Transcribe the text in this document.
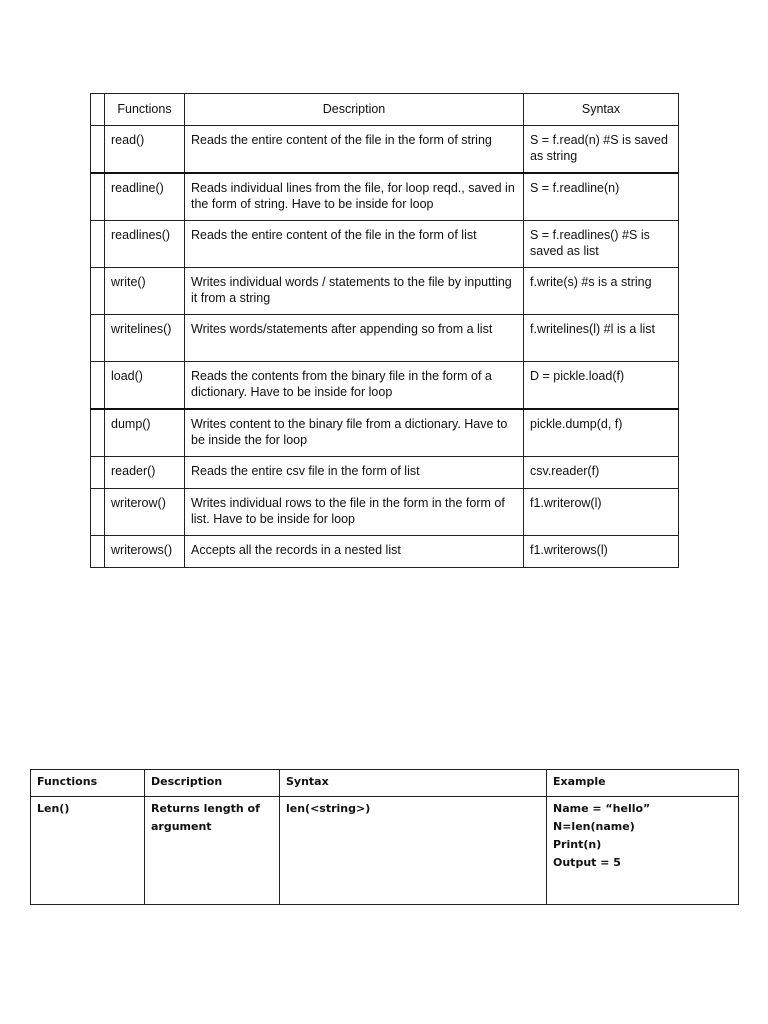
	Functions	Description	Syntax
	read()	Reads the entire content of the file in the form of string	S = f.read(n) #S is saved as string
	readline()	Reads individual lines from the file, for loop reqd., saved in the form of string. Have to be inside for loop	S = f.readline(n)
	readlines()	Reads the entire content of the file in the form of list	S = f.readlines() #S is saved as list
	write()	Writes individual words / statements to the file by inputting it from a string	f.write(s) #s is a string
	writelines()	Writes words/statements after appending so from a list	f.writelines(l) #l is a list
	load()	Reads the contents from the binary file in the form of a dictionary. Have to be inside for loop	D = pickle.load(f)
	dump()	Writes content to the binary file from a dictionary. Have to be inside the for loop	pickle.dump(d, f)
	reader()	Reads the entire csv file in the form of list	csv.reader(f)
	writerow()	Writes individual rows to the file in the form in the form of list. Have to be inside for loop	f1.writerow(l)
	writerows()	Accepts all the records in a nested list	f1.writerows(l)
Functions	Description	Syntax	Example
Len()	Returns length of argument	len(<string>)	Name = “hello”
N=len(name)
Print(n)
Output = 5
